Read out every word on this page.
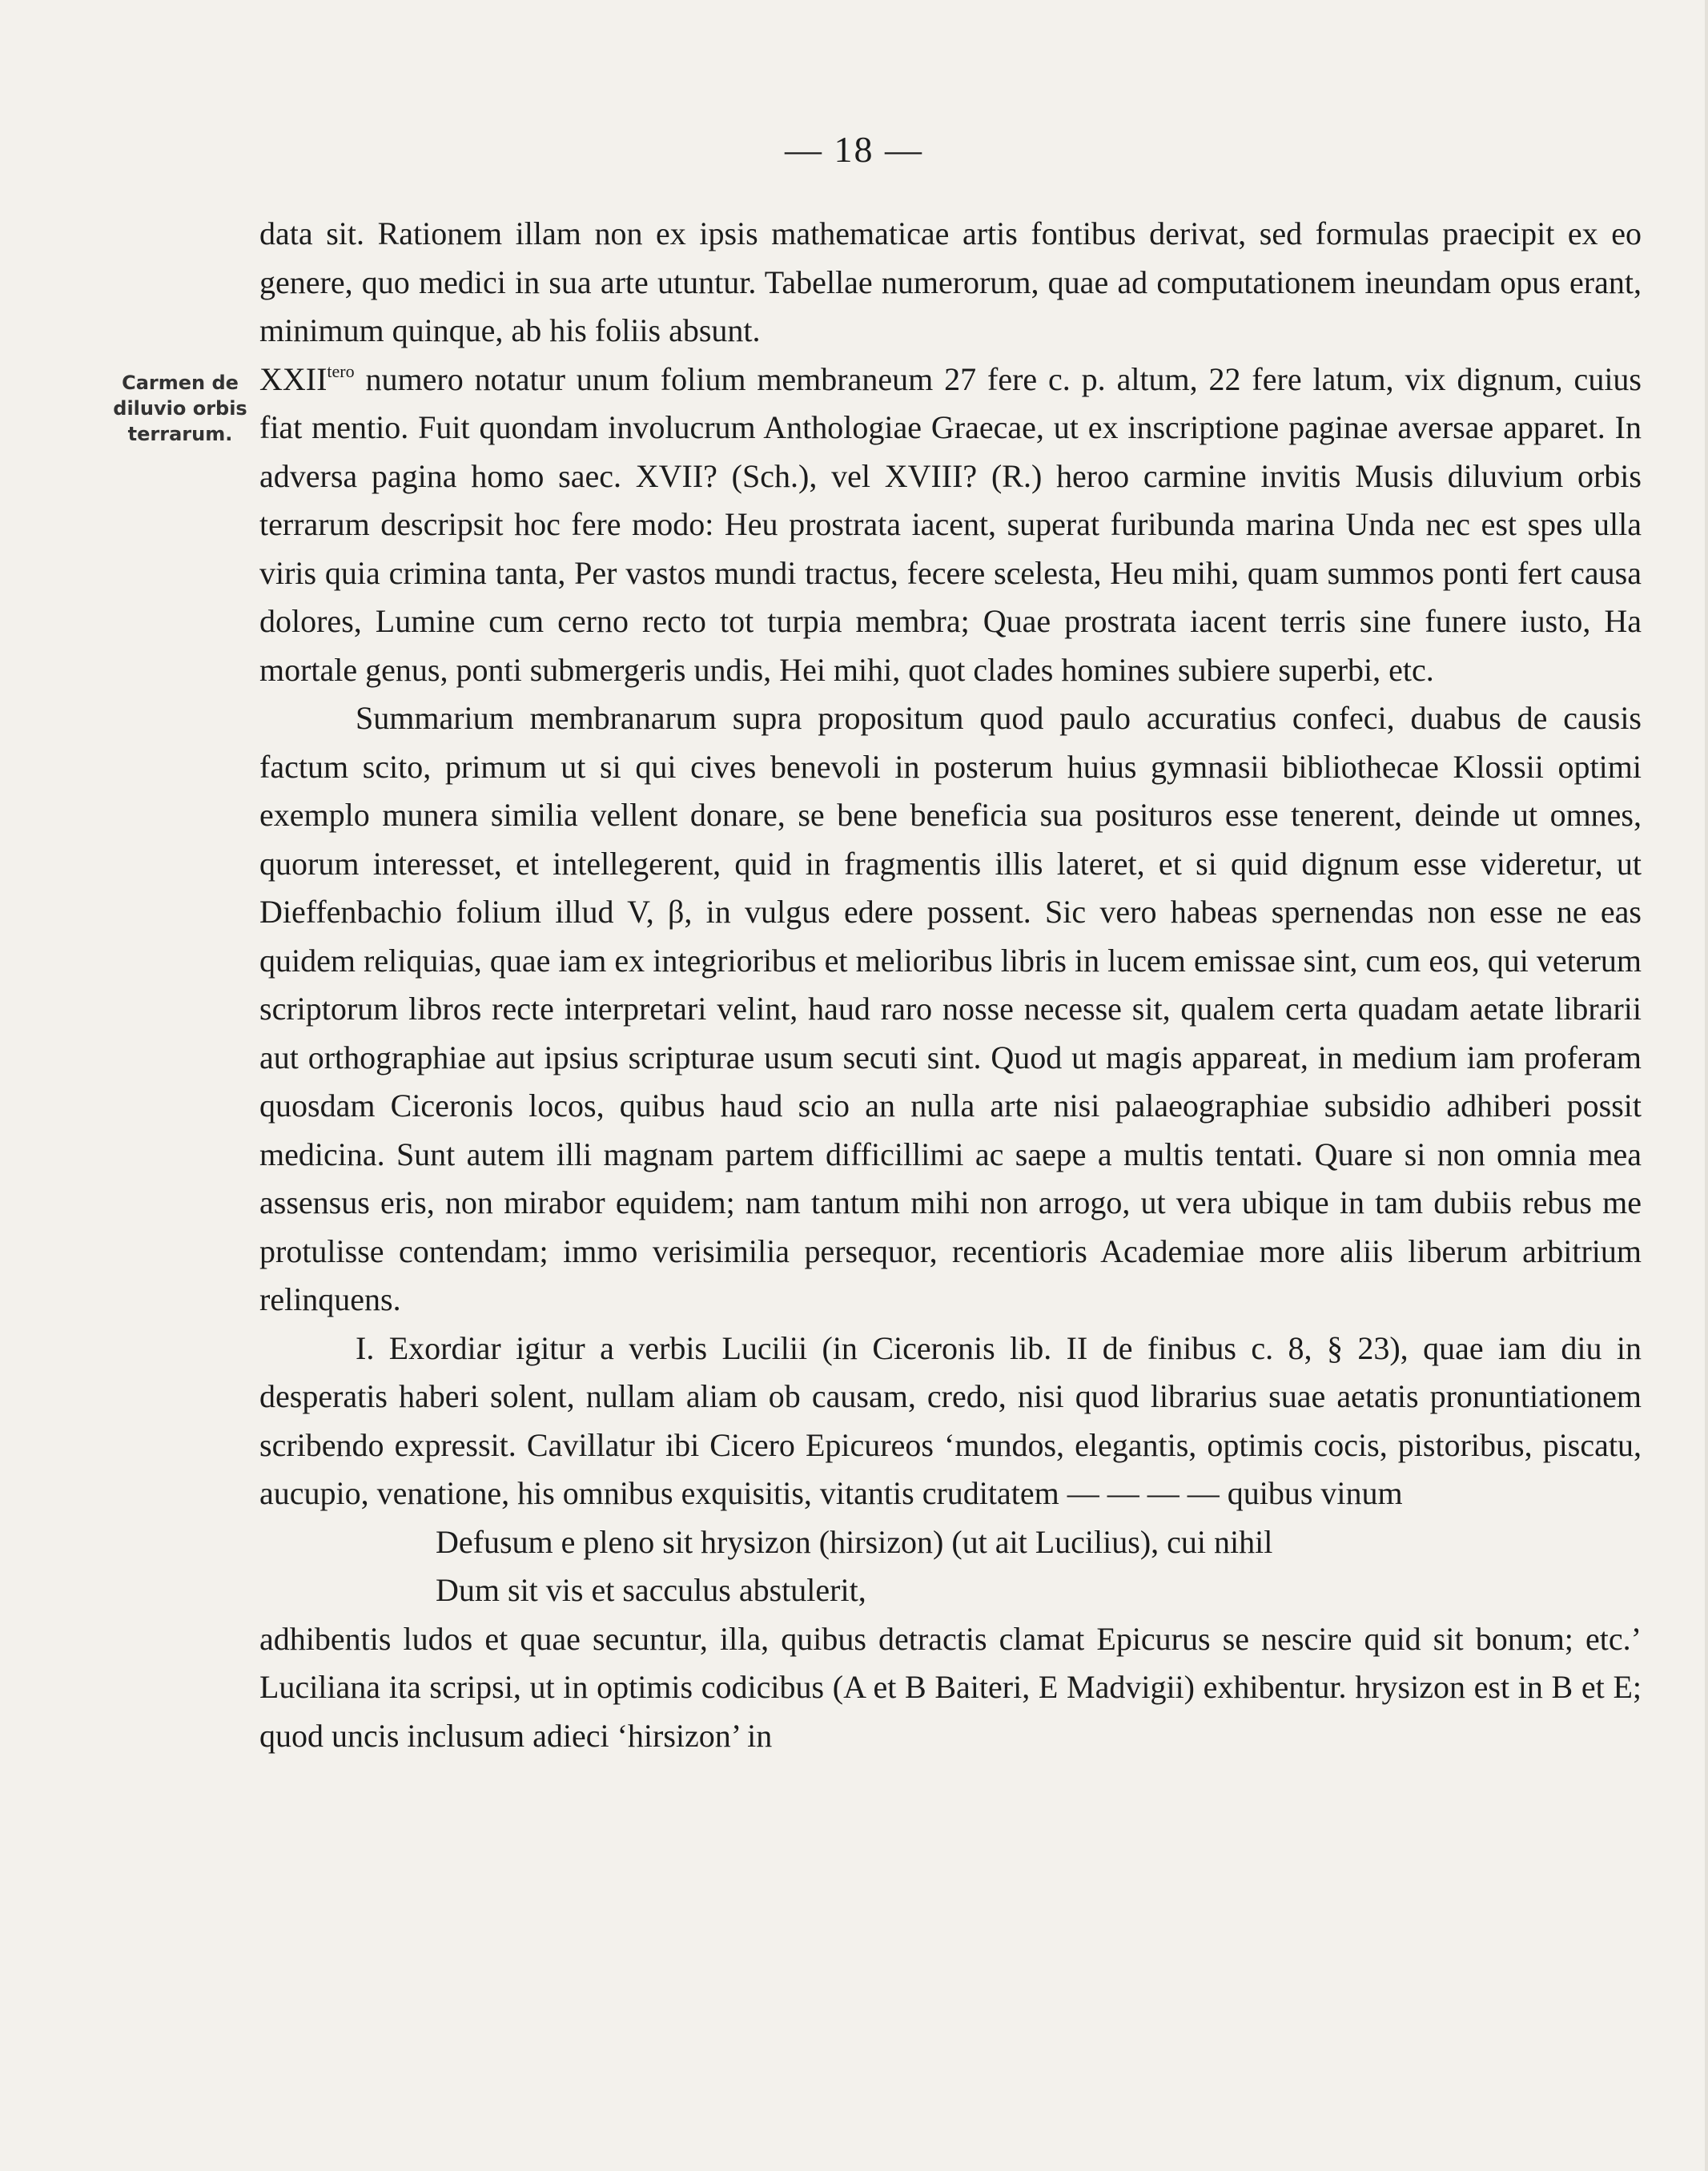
— 18 —
Carmen de
diluvio orbis
terrarum.

data sit. Rationem illam non ex ipsis mathematicae artis fontibus derivat, sed formulas praecipit ex eo genere, quo medici in sua arte utuntur. Tabellae numerorum, quae ad computationem ineundam opus erant, minimum quinque, ab his foliis absunt.

$XXII^{tero}$ numero notatur unum folium membraneum 27 fere c. p. altum, 22 fere latum, vix dignum, cuius fiat mentio. Fuit quondam involucrum Anthologiae Graecae, ut ex inscriptione paginae aversae apparet. In adversa pagina homo saec. XVII? (Sch.), vel XVIII? (R.) heroo carmine invitis Musis diluvium orbis terrarum descripsit hoc fere modo: Heu prostrata iacent, superat furibunda marina Unda nec est spes ulla viris quia crimina tanta, Per vastos mundi tractus, fecere scelesta, Heu mihi, quam summos ponti fert causa dolores, Lumine cum cerno recto tot turpia membra; Quae prostrata iacent terris sine funere iusto, Ha mortale genus, ponti submergeris undis, Hei mihi, quot clades homines subiere superbi, etc.

Summarium membranarum supra propositum quod paulo accuratius confeci, duabus de causis factum scito, primum ut si qui cives benevoli in posterum huius gymnasii bibliothecae Klossii optimi exemplo munera similia vellent donare, se bene beneficia sua posituros esse tenerent, deinde ut omnes, quorum interesset, et intellegerent, quid in fragmentis illis lateret, et si quid dignum esse videretur, ut Dieffenbachio folium illud V, β, in vulgus edere possent. Sic vero habeas spernendas non esse ne eas quidem reliquias, quae iam ex integrioribus et melioribus libris in lucem emissae sint, cum eos, qui veterum scriptorum libros recte interpretari velint, haud raro nosse necesse sit, qualem certa quadam aetate librarii aut orthographiae aut ipsius scripturae usum secuti sint. Quod ut magis appareat, in medium iam proferam quosdam Ciceronis locos, quibus haud scio an nulla arte nisi palaeographiae subsidio adhiberi possit medicina. Sunt autem illi magnam partem difficillimi ac saepe a multis tentati. Quare si non omnia mea assensus eris, non mirabor equidem; nam tantum mihi non arrogo, ut vera ubique in tam dubiis rebus me protulisse contendam; immo verisimilia persequor, recentioris Academiae more aliis liberum arbitrium relinquens.

I. Exordiar igitur a verbis Lucilii (in Ciceronis lib. II de finibus c. 8, § 23), quae iam diu in desperatis haberi solent, nullam aliam ob causam, credo, nisi quod librarius suae aetatis pronuntiationem scribendo expressit. Cavillatur ibi Cicero Epicureos ‘mundos, elegantis, optimis cocis, pistoribus, piscatu, aucupio, venatione, his omnibus exquisitis, vitantis cruditatem — — — — quibus vinum

Defusum e pleno sit hrysizon (hirsizon) (ut ait Lucilius), cui nihil

Dum sit vis et sacculus abstulerit,

adhibentis ludos et quae secuntur, illa, quibus detractis clamat Epicurus se nescire quid sit bonum; etc.’ Luciliana ita scripsi, ut in optimis codicibus (A et B Baiteri, E Madvigii) exhibentur. hrysizon est in B et E; quod uncis inclusum adieci ‘hirsizon’ in
